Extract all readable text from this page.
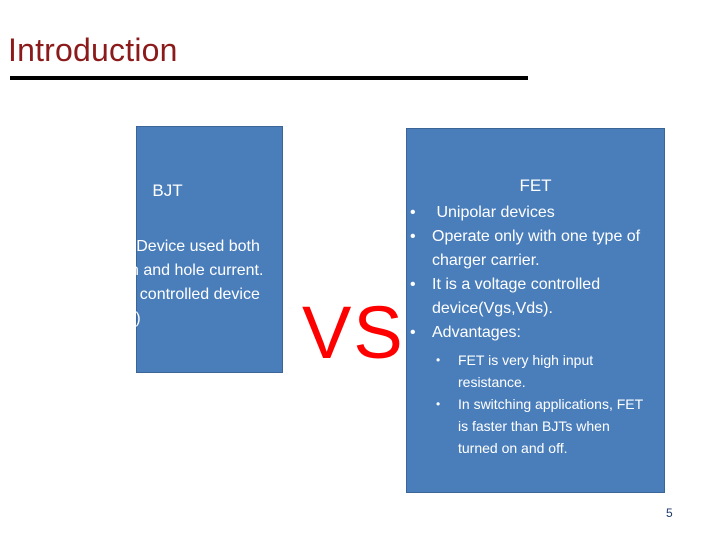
Introduction
BJT
• Bipolar Device used both electron and hole current.
• Current controlled device (Ic,Ib,Ie)	VS
FET
• Unipolar devices
• Operate only with one type of charger carrier.
• It is a voltage controlled device(Vgs,Vds).
• Advantages:
• FET is very high input resistance.
• In switching applications, FET is faster than BJTs when turned on and off.
5
